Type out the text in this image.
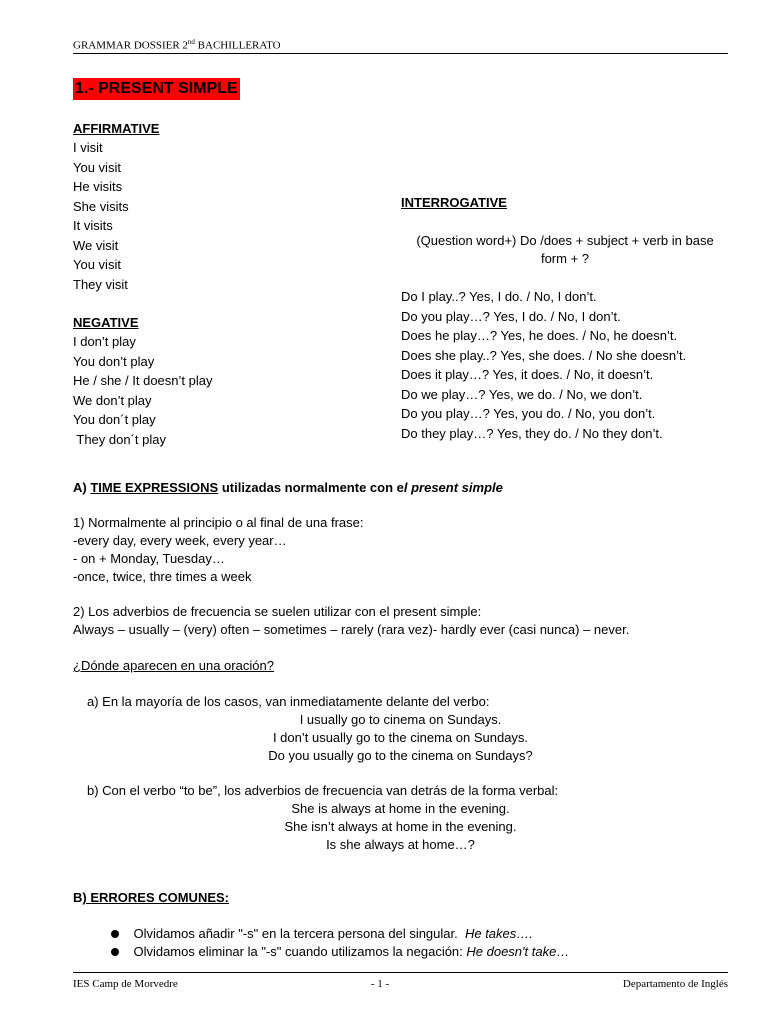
GRAMMAR DOSSIER 2nd BACHILLERATO
1.- PRESENT SIMPLE
AFFIRMATIVE
I visit
You visit
He visits
She visits
It visits
We visit
You visit
They visit
NEGATIVE
I don’t play
You don’t play
He / she / It doesn’t play
We don’t play
You don´t play
They don´t play
INTERROGATIVE
(Question word+) Do /does + subject + verb in base
form + ?
Do I play..? Yes, I do. / No, I don’t.
Do you play…? Yes, I do. / No, I don’t.
Does he play…? Yes, he does. / No, he doesn’t.
Does she play..? Yes, she does. / No she doesn’t.
Does it play…? Yes, it does. / No, it doesn’t.
Do we play…? Yes, we do. / No, we don’t.
Do you play…? Yes, you do. / No, you don’t.
Do they play…? Yes, they do. / No they don’t.
A) TIME EXPRESSIONS utilizadas normalmente con el present simple
1) Normalmente al principio o al final de una frase:
-every day, every week, every year…
- on + Monday, Tuesday…
-once, twice, thre times a week
2) Los adverbios de frecuencia se suelen utilizar con el present simple:
Always – usually – (very) often – sometimes – rarely (rara vez)- hardly ever (casi nunca) – never.
¿Dónde aparecen en una oración?
a) En la mayoría de los casos, van inmediatamente delante del verbo:
I usually go to cinema on Sundays.
I don’t usually go to the cinema on Sundays.
Do you usually go to the cinema on Sundays?
b) Con el verbo “to be”, los adverbios de frecuencia van detrás de la forma verbal:
She is always at home in the evening.
She isn’t always at home in the evening.
Is she always at home…?
B) ERRORES COMUNES:

Olvidamos añadir "-s" en la tercera persona del singular.  He takes….

Olvidamos eliminar la "-s" cuando utilizamos la negación: He doesn't take…

IES Camp de Morvedre	- 1 -	Departamento de Inglés
